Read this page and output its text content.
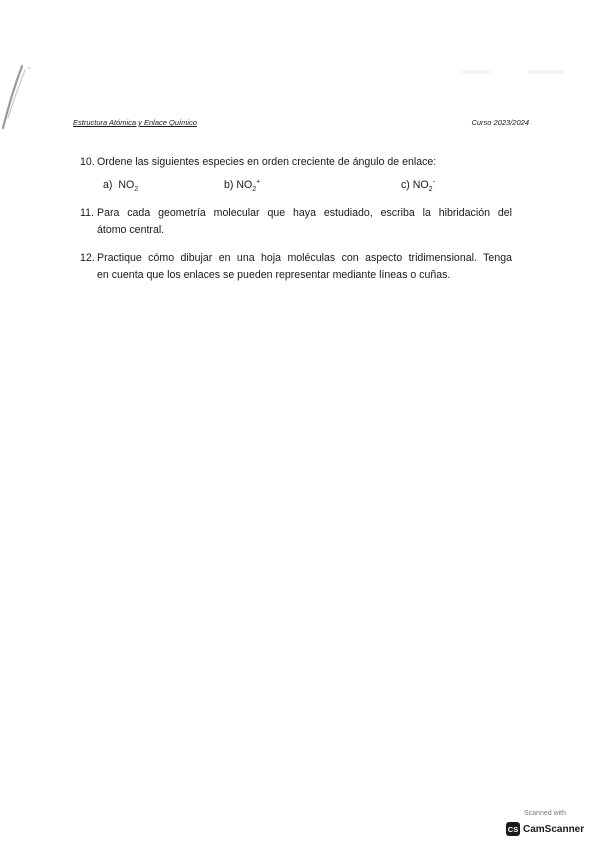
Estructura Atómica y Enlace Químico	Curso 2023/2024
10. Ordene las siguientes especies en orden creciente de ángulo de enlace:
a) $NO_2$	b) $NO_2^+$	c) $NO_2^-$
11. Para cada geometría molecular que haya estudiado, escriba la hibridación del
átomo central.
12. Practique cómo dibujar en una hoja moléculas con aspecto tridimensional. Tenga
en cuenta que los enlaces se pueden representar mediante líneas o cuñas.
Scanned with
CS CamScanner
